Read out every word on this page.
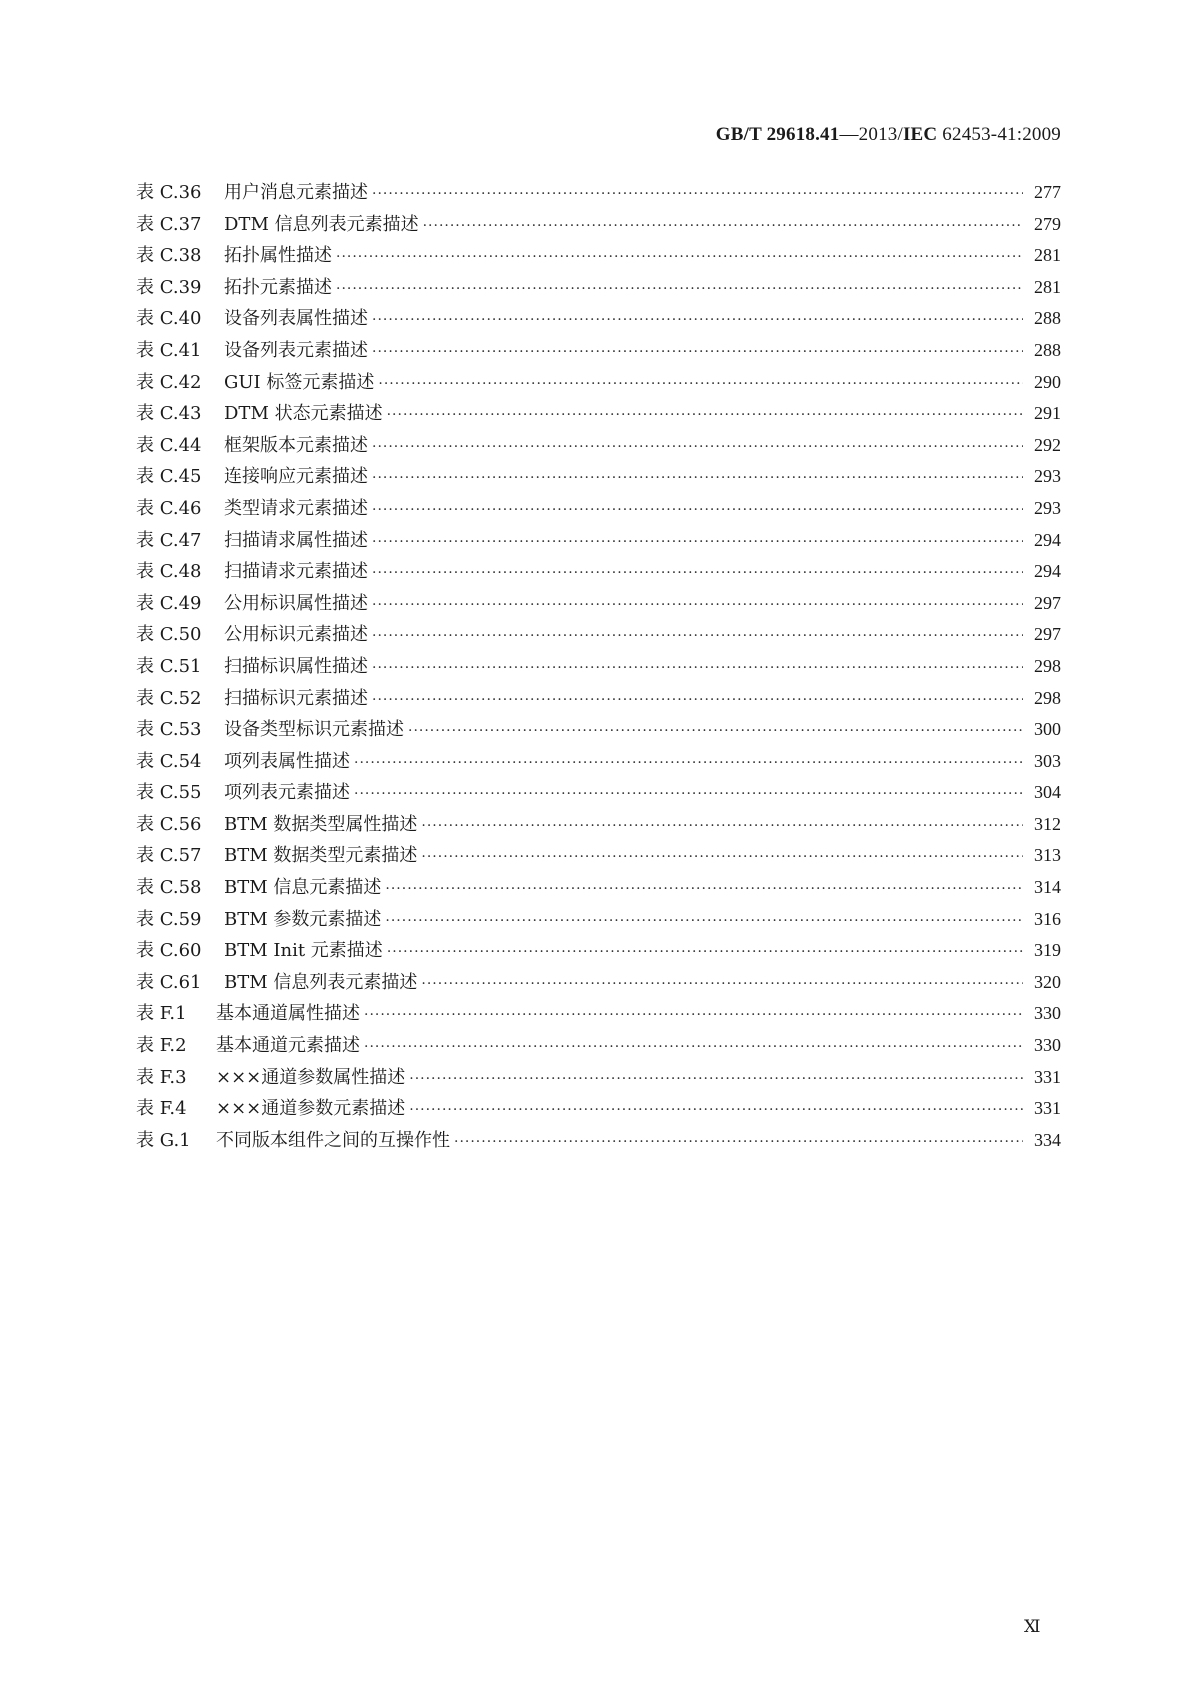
GB/T 29618.41—2013/IEC 62453-41:2009
表 C.36	用户消息元素描述 ·····	277
表 C.37	DTM 信息列表元素描述 ·····	279
表 C.38	拓扑属性描述 ·····	281
表 C.39	拓扑元素描述 ·····	281
表 C.40	设备列表属性描述 ·····	288
表 C.41	设备列表元素描述 ·····	288
表 C.42	GUI 标签元素描述 ·····	290
表 C.43	DTM 状态元素描述 ·····	291
表 C.44	框架版本元素描述 ·····	292
表 C.45	连接响应元素描述 ·····	293
表 C.46	类型请求元素描述 ·····	293
表 C.47	扫描请求属性描述 ·····	294
表 C.48	扫描请求元素描述 ·····	294
表 C.49	公用标识属性描述 ·····	297
表 C.50	公用标识元素描述 ·····	297
表 C.51	扫描标识属性描述 ·····	298
表 C.52	扫描标识元素描述 ·····	298
表 C.53	设备类型标识元素描述 ·····	300
表 C.54	项列表属性描述 ·····	303
表 C.55	项列表元素描述 ·····	304
表 C.56	BTM 数据类型属性描述 ·····	312
表 C.57	BTM 数据类型元素描述 ·····	313
表 C.58	BTM 信息元素描述 ·····	314
表 C.59	BTM 参数元素描述 ·····	316
表 C.60	BTM Init 元素描述 ·····	319
表 C.61	BTM 信息列表元素描述 ·····	320
表 F.1	基本通道属性描述 ·····	330
表 F.2	基本通道元素描述 ·····	330
表 F.3	×××通道参数属性描述 ·····	331
表 F.4	×××通道参数元素描述 ·····	331
表 G.1	不同版本组件之间的互操作性 ·····	334
Ⅺ
